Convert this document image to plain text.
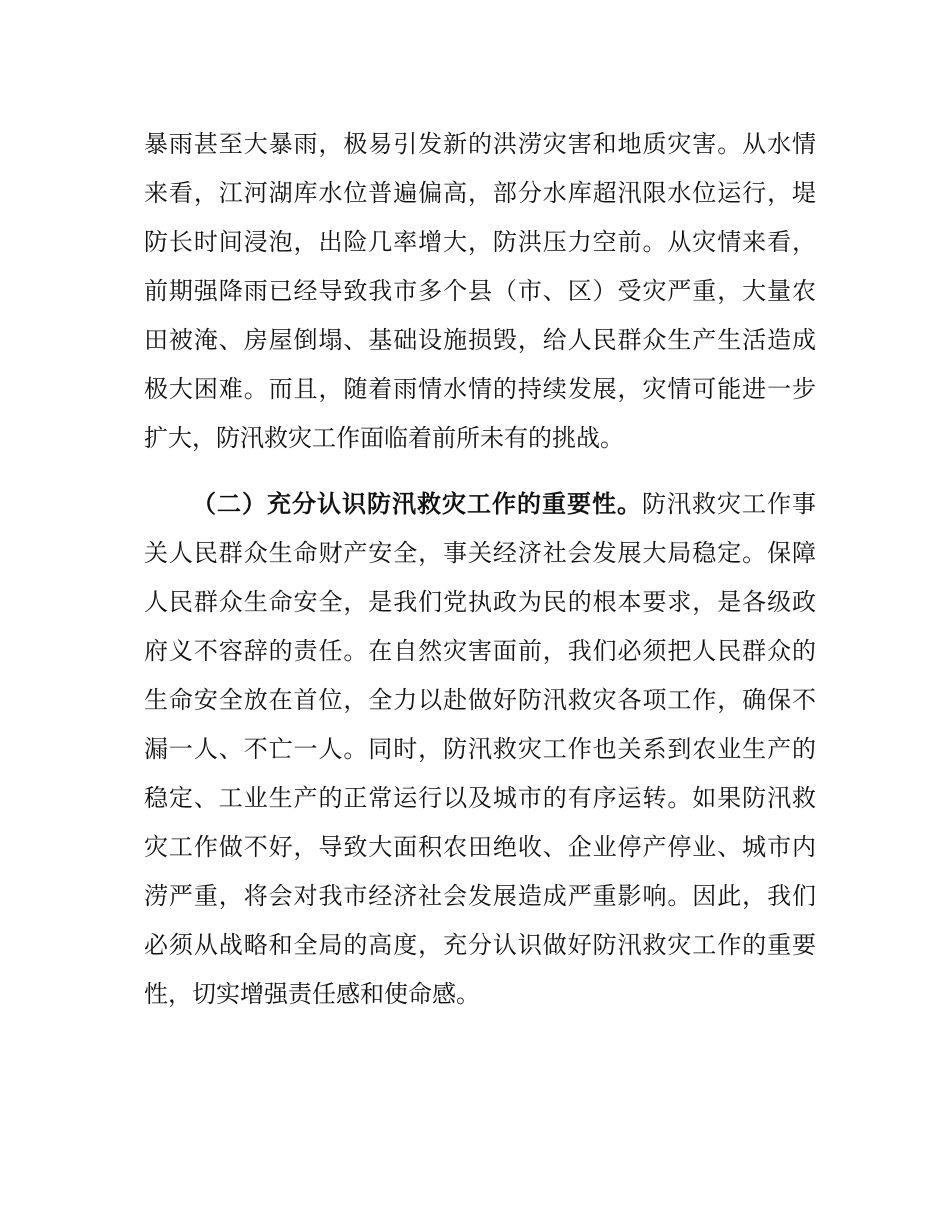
暴雨甚至大暴雨，极易引发新的洪涝灾害和地质灾害。从水情
来看，江河湖库水位普遍偏高，部分水库超汛限水位运行，堤
防长时间浸泡，出险几率增大，防洪压力空前。从灾情来看，
前期强降雨已经导致我市多个县（市、区）受灾严重，大量农
田被淹、房屋倒塌、基础设施损毁，给人民群众生产生活造成
极大困难。而且，随着雨情水情的持续发展，灾情可能进一步
扩大，防汛救灾工作面临着前所未有的挑战。
（二）充分认识防汛救灾工作的重要性。防汛救灾工作事
关人民群众生命财产安全，事关经济社会发展大局稳定。保障
人民群众生命安全，是我们党执政为民的根本要求，是各级政
府义不容辞的责任。在自然灾害面前，我们必须把人民群众的
生命安全放在首位，全力以赴做好防汛救灾各项工作，确保不
漏一人、不亡一人。同时，防汛救灾工作也关系到农业生产的
稳定、工业生产的正常运行以及城市的有序运转。如果防汛救
灾工作做不好，导致大面积农田绝收、企业停产停业、城市内
涝严重，将会对我市经济社会发展造成严重影响。因此，我们
必须从战略和全局的高度，充分认识做好防汛救灾工作的重要
性，切实增强责任感和使命感。
